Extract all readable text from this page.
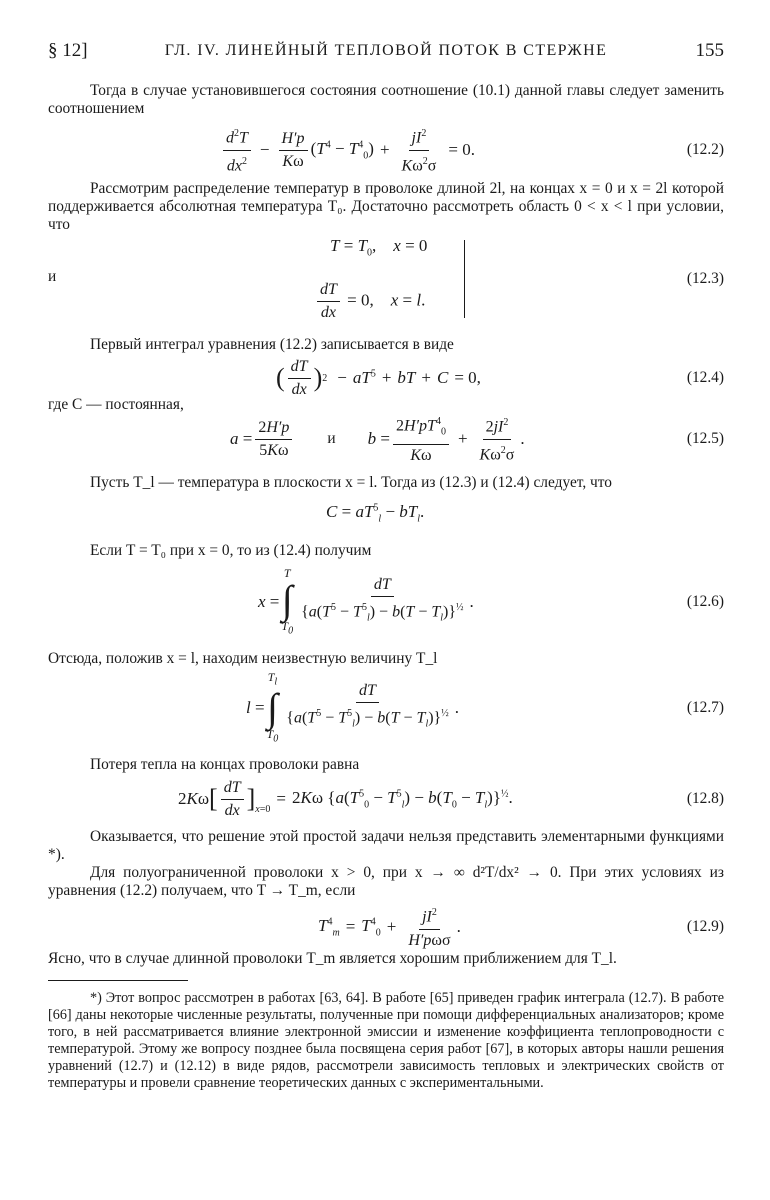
§ 12]	ГЛ. IV. ЛИНЕЙНЫЙ ТЕПЛОВОЙ ПОТОК В СТЕРЖНЕ	155
Тогда в случае установившегося состояния соотношение (10.1) данной главы следует заменить соотношением
$\frac{d^2T}{dx^2} - \frac{H'p}{K\omega} (T^4 - T^4_0) + \frac{jI^2}{K\omega^2\sigma} = 0$.	(12.2)
Рассмотрим распределение температур в проволоке длиной 2l, на концах x = 0 и x = 2l которой поддерживается абсолютная температура T₀. Достаточно рассмотреть область 0 < x < l при условии, что
$T = T_0$,    x = 0
и
$\frac{dT}{dx} = 0$,    x = l.
(12.3)
Первый интеграл уравнения (12.2) записывается в виде
( $\frac{dT}{dx}$ ) $2 - aT^5$ + bT + C = 0,	(12.4)
где C — постоянная,
$a = \frac{2H'p}{5K\omega}$ и $b = \frac{2H'pT^4_0}{K\omega} + \frac{2jI^2}{K\omega^2\sigma}$ .	(12.5)
Пусть T_l — температура в плоскости x = l. Тогда из (12.3) и (12.4) следует, что
$C = aT^5_l - bT_l$.
Если T = T₀ при x = 0, то из (12.4) получим
x =
T
∫
$T_0$
$\frac{dT}{\{a(T^5 - T^5_l) - b(T - T_l)\}^{\frac{1}{2}}}$ .	(12.6)
Отсюда, положив x = l, находим неизвестную величину T_l
l =
$T_l$
∫
$T_0$
$\frac{dT}{\{a(T^5 - T^5_l) - b(T - T_l)\}^{\frac{1}{2}}}$ .	(12.7)
Потеря тепла на концах проволоки равна
2Kω [ $\frac{dT}{dx}$ ] $_{x=0}$
= 2Kω $\{a(T^5_0 - T^5_l) - b(T_0 - T_l)\}^{\frac{1}{2}}$.	(12.8)
Оказывается, что решение этой простой задачи нельзя представить элементарными функциями *).
Для полуограниченной проволоки x > 0, при x → ∞ d²T/dx² → 0. При этих условиях из уравнения (12.2) получаем, что T → T_m, если
$T^4_m = T^4_0 + \frac{jI^2}{\text{H′pωσ}}$ .	(12.9)
Ясно, что в случае длинной проволоки T_m является хорошим приближением для T_l.
*) Этот вопрос рассмотрен в работах [63, 64]. В работе [65] приведен график интеграла (12.7). В работе [66] даны некоторые численные результаты, полученные при помощи дифференциальных анализаторов; кроме того, в ней рассматривается влияние электронной эмиссии и изменение коэффициента теплопроводности с температурой. Этому же вопросу позднее была посвящена серия работ [67], в которых авторы нашли решения уравнений (12.7) и (12.12) в виде рядов, рассмотрели зависимость тепловых и электрических свойств от температуры и провели сравнение теоретических данных с экспериментальными.
